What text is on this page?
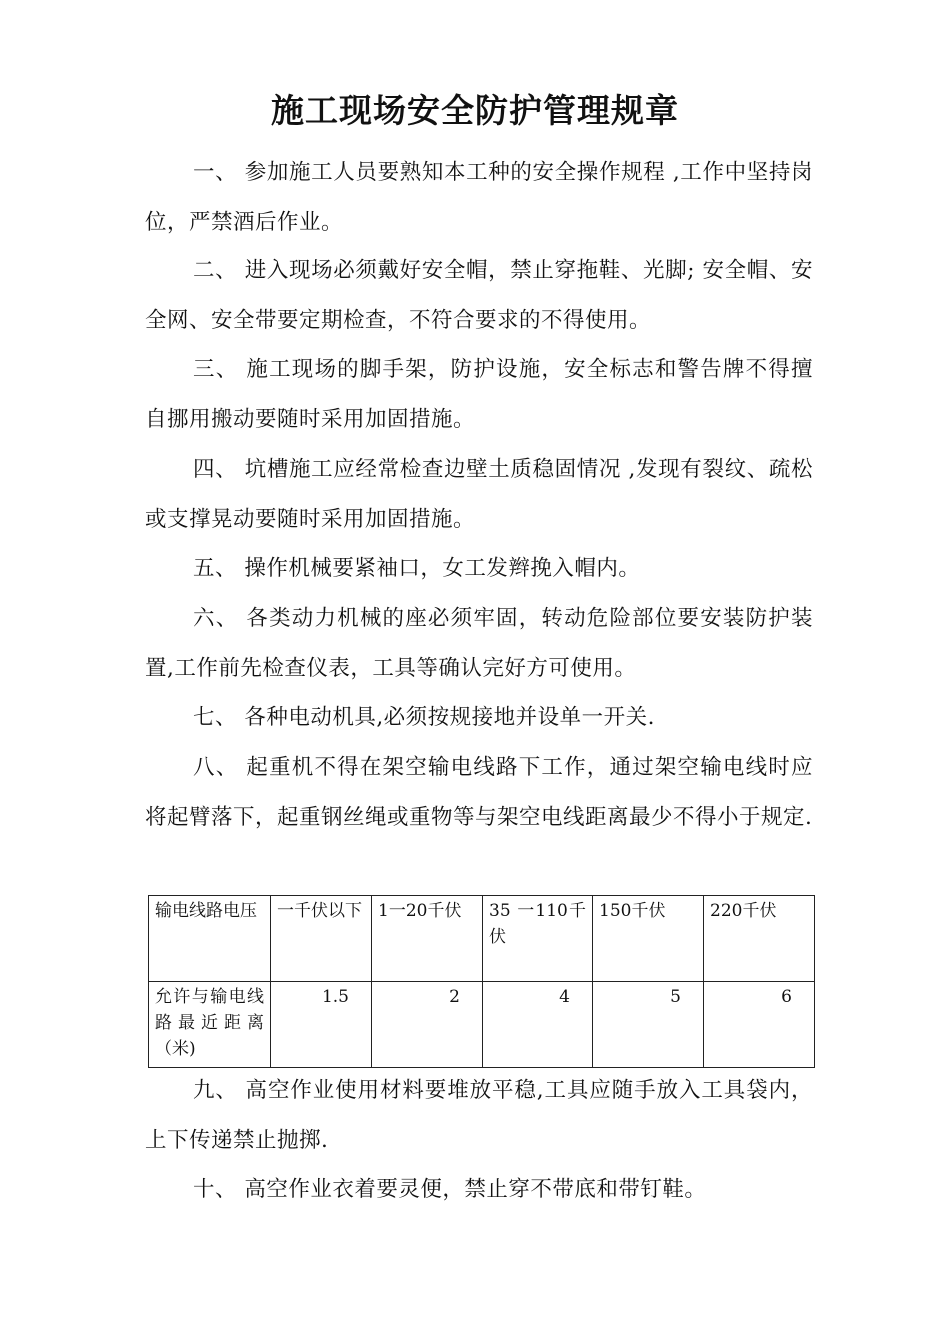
施工现场安全防护管理规章
一、 参加施工人员要熟知本工种的安全操作规程 ,工作中坚持岗位，严禁酒后作业。
二、 进入现场必须戴好安全帽，禁止穿拖鞋、光脚; 安全帽、安全网、安全带要定期检查，不符合要求的不得使用。
三、 施工现场的脚手架，防护设施，安全标志和警告牌不得擅自挪用搬动要随时采用加固措施。
四、 坑槽施工应经常检查边壁土质稳固情况 ,发现有裂纹、疏松或支撑晃动要随时采用加固措施。
五、 操作机械要紧袖口，女工发辫挽入帽内。
六、 各类动力机械的座必须牢固，转动危险部位要安装防护装置,工作前先检查仪表，工具等确认完好方可使用。
七、 各种电动机具,必须按规接地并设单一开关.
八、 起重机不得在架空输电线路下工作，通过架空输电线时应将起臂落下，起重钢丝绳或重物等与架空电线距离最少不得小于规定.
输电线路电压	一千伏以下	1一20千伏	35 一110千伏	150千伏	220千伏

允许与输电线路最近距离（米)	1.5	2	4	5	6
九、 高空作业使用材料要堆放平稳,工具应随手放入工具袋内，上下传递禁止抛掷.
十、 高空作业衣着要灵便，禁止穿不带底和带钉鞋。
